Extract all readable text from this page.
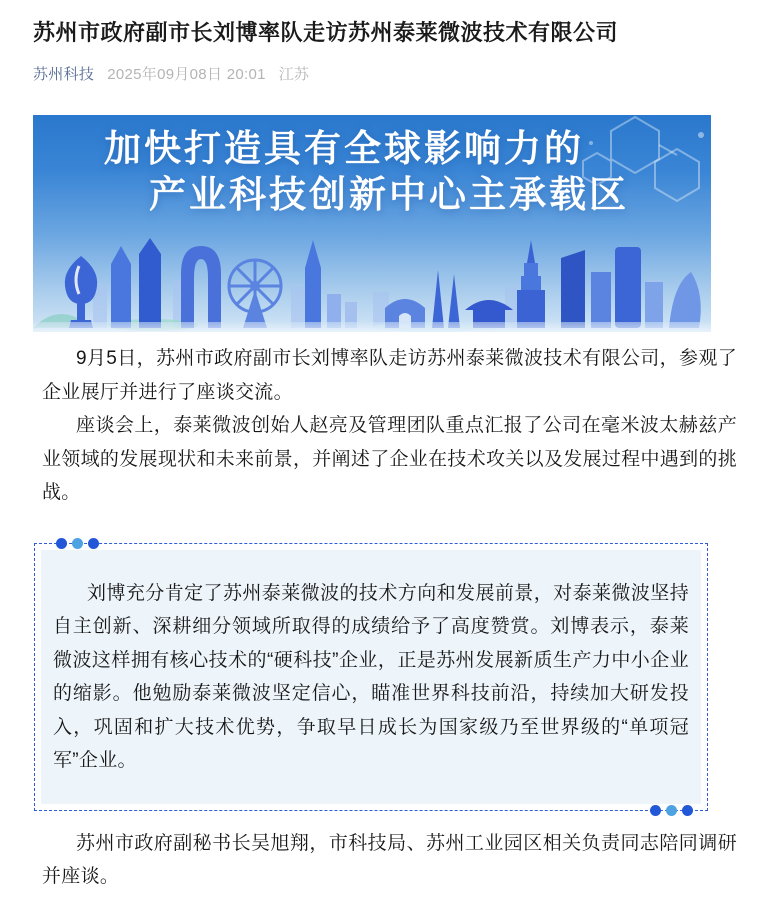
苏州市政府副市长刘博率队走访苏州泰莱微波技术有限公司
苏州科技 2025年09月08日 20:01 江苏
加快打造具有全球影响力的
产业科技创新中心主承载区

9月5日，苏州市政府副市长刘博率队走访苏州泰莱微波技术有限公司，参观了企业展厅并进行了座谈交流。

座谈会上，泰莱微波创始人赵亮及管理团队重点汇报了公司在毫米波太赫兹产业领域的发展现状和未来前景，并阐述了企业在技术攻关以及发展过程中遇到的挑战。

刘博充分肯定了苏州泰莱微波的技术方向和发展前景，对泰莱微波坚持自主创新、深耕细分领域所取得的成绩给予了高度赞赏。刘博表示，泰莱微波这样拥有核心技术的“硬科技”企业，正是苏州发展新质生产力中小企业的缩影。他勉励泰莱微波坚定信心，瞄准世界科技前沿，持续加大研发投入，巩固和扩大技术优势，争取早日成长为国家级乃至世界级的“单项冠军”企业。

苏州市政府副秘书长吴旭翔，市科技局、苏州工业园区相关负责同志陪同调研并座谈。
